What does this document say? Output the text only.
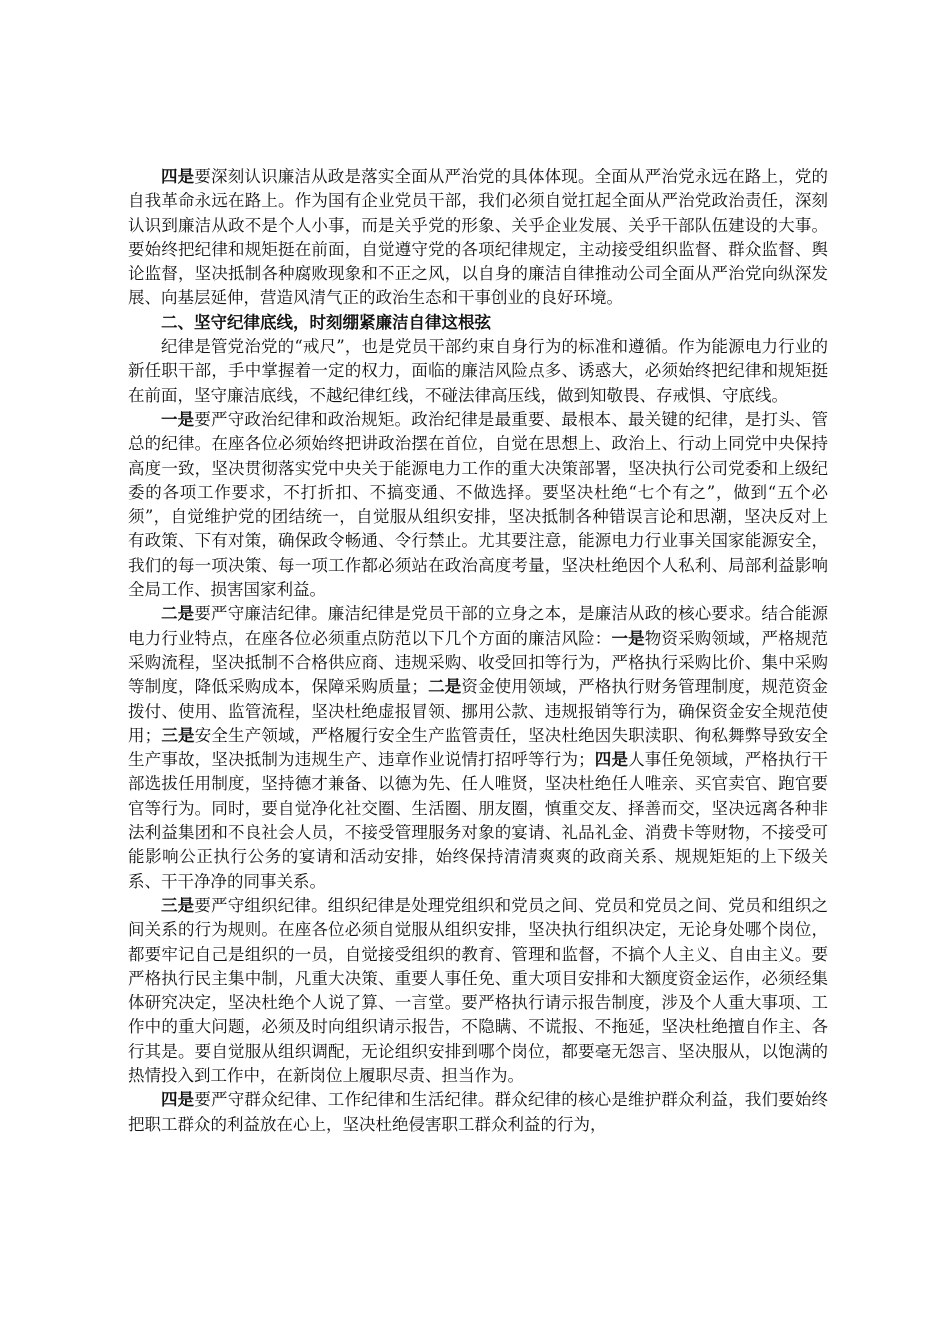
四是要深刻认识廉洁从政是落实全面从严治党的具体体现。全面从严治党永远在路上，党的自我革命永远在路上。作为国有企业党员干部，我们必须自觉扛起全面从严治党政治责任，深刻认识到廉洁从政不是个人小事，而是关乎党的形象、关乎企业发展、关乎干部队伍建设的大事。要始终把纪律和规矩挺在前面，自觉遵守党的各项纪律规定，主动接受组织监督、群众监督、舆论监督，坚决抵制各种腐败现象和不正之风，以自身的廉洁自律推动公司全面从严治党向纵深发展、向基层延伸，营造风清气正的政治生态和干事创业的良好环境。

二、坚守纪律底线，时刻绷紧廉洁自律这根弦

纪律是管党治党的“戒尺”，也是党员干部约束自身行为的标准和遵循。作为能源电力行业的新任职干部，手中掌握着一定的权力，面临的廉洁风险点多、诱惑大，必须始终把纪律和规矩挺在前面，坚守廉洁底线，不越纪律红线，不碰法律高压线，做到知敬畏、存戒惧、守底线。

一是要严守政治纪律和政治规矩。政治纪律是最重要、最根本、最关键的纪律，是打头、管总的纪律。在座各位必须始终把讲政治摆在首位，自觉在思想上、政治上、行动上同党中央保持高度一致，坚决贯彻落实党中央关于能源电力工作的重大决策部署，坚决执行公司党委和上级纪委的各项工作要求，不打折扣、不搞变通、不做选择。要坚决杜绝“七个有之”，做到“五个必须”，自觉维护党的团结统一，自觉服从组织安排，坚决抵制各种错误言论和思潮，坚决反对上有政策、下有对策，确保政令畅通、令行禁止。尤其要注意，能源电力行业事关国家能源安全，我们的每一项决策、每一项工作都必须站在政治高度考量，坚决杜绝因个人私利、局部利益影响全局工作、损害国家利益。

二是要严守廉洁纪律。廉洁纪律是党员干部的立身之本，是廉洁从政的核心要求。结合能源电力行业特点，在座各位必须重点防范以下几个方面的廉洁风险：一是物资采购领域，严格规范采购流程，坚决抵制不合格供应商、违规采购、收受回扣等行为，严格执行采购比价、集中采购等制度，降低采购成本，保障采购质量；二是资金使用领域，严格执行财务管理制度，规范资金拨付、使用、监管流程，坚决杜绝虚报冒领、挪用公款、违规报销等行为，确保资金安全规范使用；三是安全生产领域，严格履行安全生产监管责任，坚决杜绝因失职渎职、徇私舞弊导致安全生产事故，坚决抵制为违规生产、违章作业说情打招呼等行为；四是人事任免领域，严格执行干部选拔任用制度，坚持德才兼备、以德为先、任人唯贤，坚决杜绝任人唯亲、买官卖官、跑官要官等行为。同时，要自觉净化社交圈、生活圈、朋友圈，慎重交友、择善而交，坚决远离各种非法利益集团和不良社会人员，不接受管理服务对象的宴请、礼品礼金、消费卡等财物，不接受可能影响公正执行公务的宴请和活动安排，始终保持清清爽爽的政商关系、规规矩矩的上下级关系、干干净净的同事关系。

三是要严守组织纪律。组织纪律是处理党组织和党员之间、党员和党员之间、党员和组织之间关系的行为规则。在座各位必须自觉服从组织安排，坚决执行组织决定，无论身处哪个岗位，都要牢记自己是组织的一员，自觉接受组织的教育、管理和监督，不搞个人主义、自由主义。要严格执行民主集中制，凡重大决策、重要人事任免、重大项目安排和大额度资金运作，必须经集体研究决定，坚决杜绝个人说了算、一言堂。要严格执行请示报告制度，涉及个人重大事项、工作中的重大问题，必须及时向组织请示报告，不隐瞒、不谎报、不拖延，坚决杜绝擅自作主、各行其是。要自觉服从组织调配，无论组织安排到哪个岗位，都要毫无怨言、坚决服从，以饱满的热情投入到工作中，在新岗位上履职尽责、担当作为。

四是要严守群众纪律、工作纪律和生活纪律。群众纪律的核心是维护群众利益，我们要始终把职工群众的利益放在心上，坚决杜绝侵害职工群众利益的行为，
